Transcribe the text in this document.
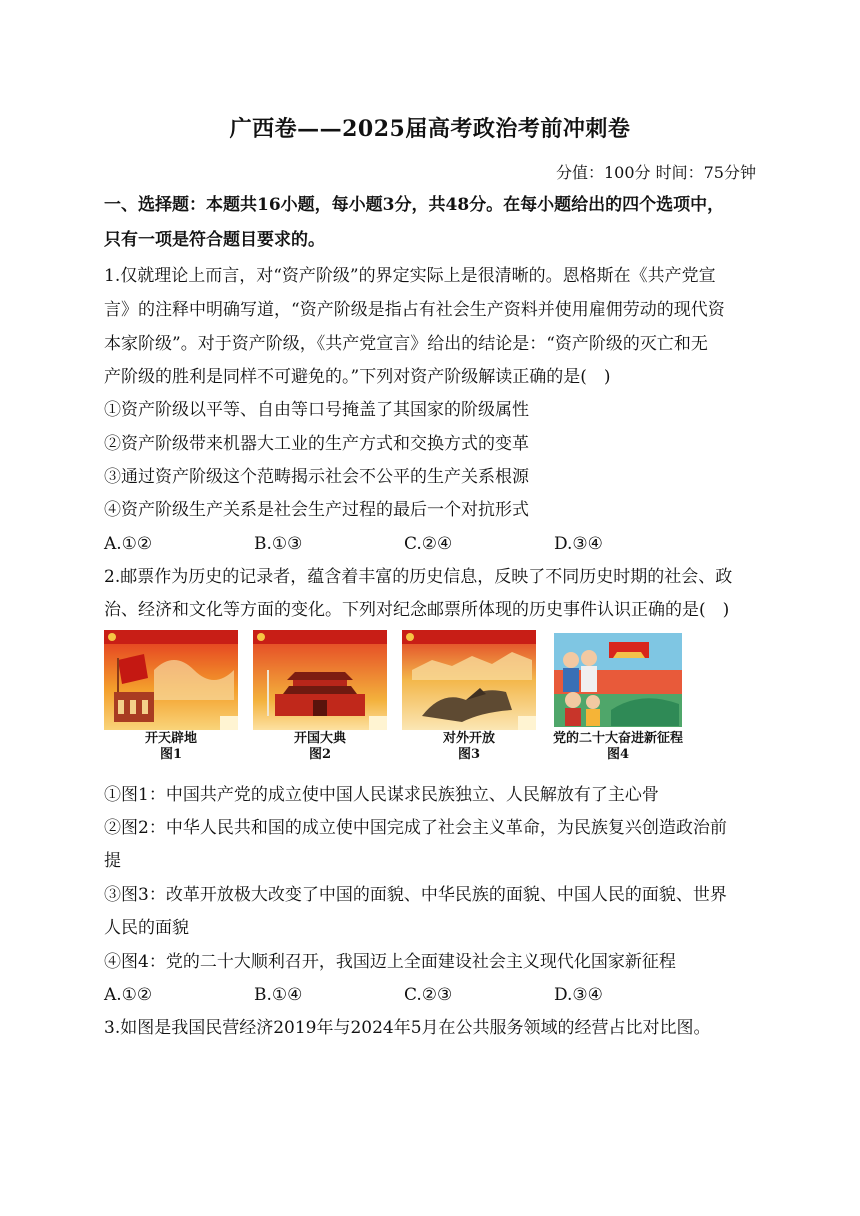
广西卷——2025届高考政治考前冲刺卷
分值：100分 时间：75分钟
一、选择题：本题共16小题，每小题3分，共48分。在每小题给出的四个选项中，
只有一项是符合题目要求的。
1.仅就理论上而言，对“资产阶级”的界定实际上是很清晰的。恩格斯在《共产党宣
言》的注释中明确写道，“资产阶级是指占有社会生产资料并使用雇佣劳动的现代资
本家阶级”。对于资产阶级，《共产党宣言》给出的结论是：“资产阶级的灭亡和无
产阶级的胜利是同样不可避免的。”下列对资产阶级解读正确的是(　)
①资产阶级以平等、自由等口号掩盖了其国家的阶级属性
②资产阶级带来机器大工业的生产方式和交换方式的变革
③通过资产阶级这个范畴揭示社会不公平的生产关系根源
④资产阶级生产关系是社会生产过程的最后一个对抗形式
A.①②	B.①③	C.②④	D.③④
2.邮票作为历史的记录者，蕴含着丰富的历史信息，反映了不同历史时期的社会、政
治、经济和文化等方面的变化。下列对纪念邮票所体现的历史事件认识正确的是(　)
开天辟地
图1
开国大典
图2
对外开放
图3
党的二十大奋进新征程
图4
①图1：中国共产党的成立使中国人民谋求民族独立、人民解放有了主心骨
②图2：中华人民共和国的成立使中国完成了社会主义革命，为民族复兴创造政治前
提
③图3：改革开放极大改变了中国的面貌、中华民族的面貌、中国人民的面貌、世界
人民的面貌
④图4：党的二十大顺利召开，我国迈上全面建设社会主义现代化国家新征程
A.①②	B.①④	C.②③	D.③④
3.如图是我国民营经济2019年与2024年5月在公共服务领域的经营占比对比图。
